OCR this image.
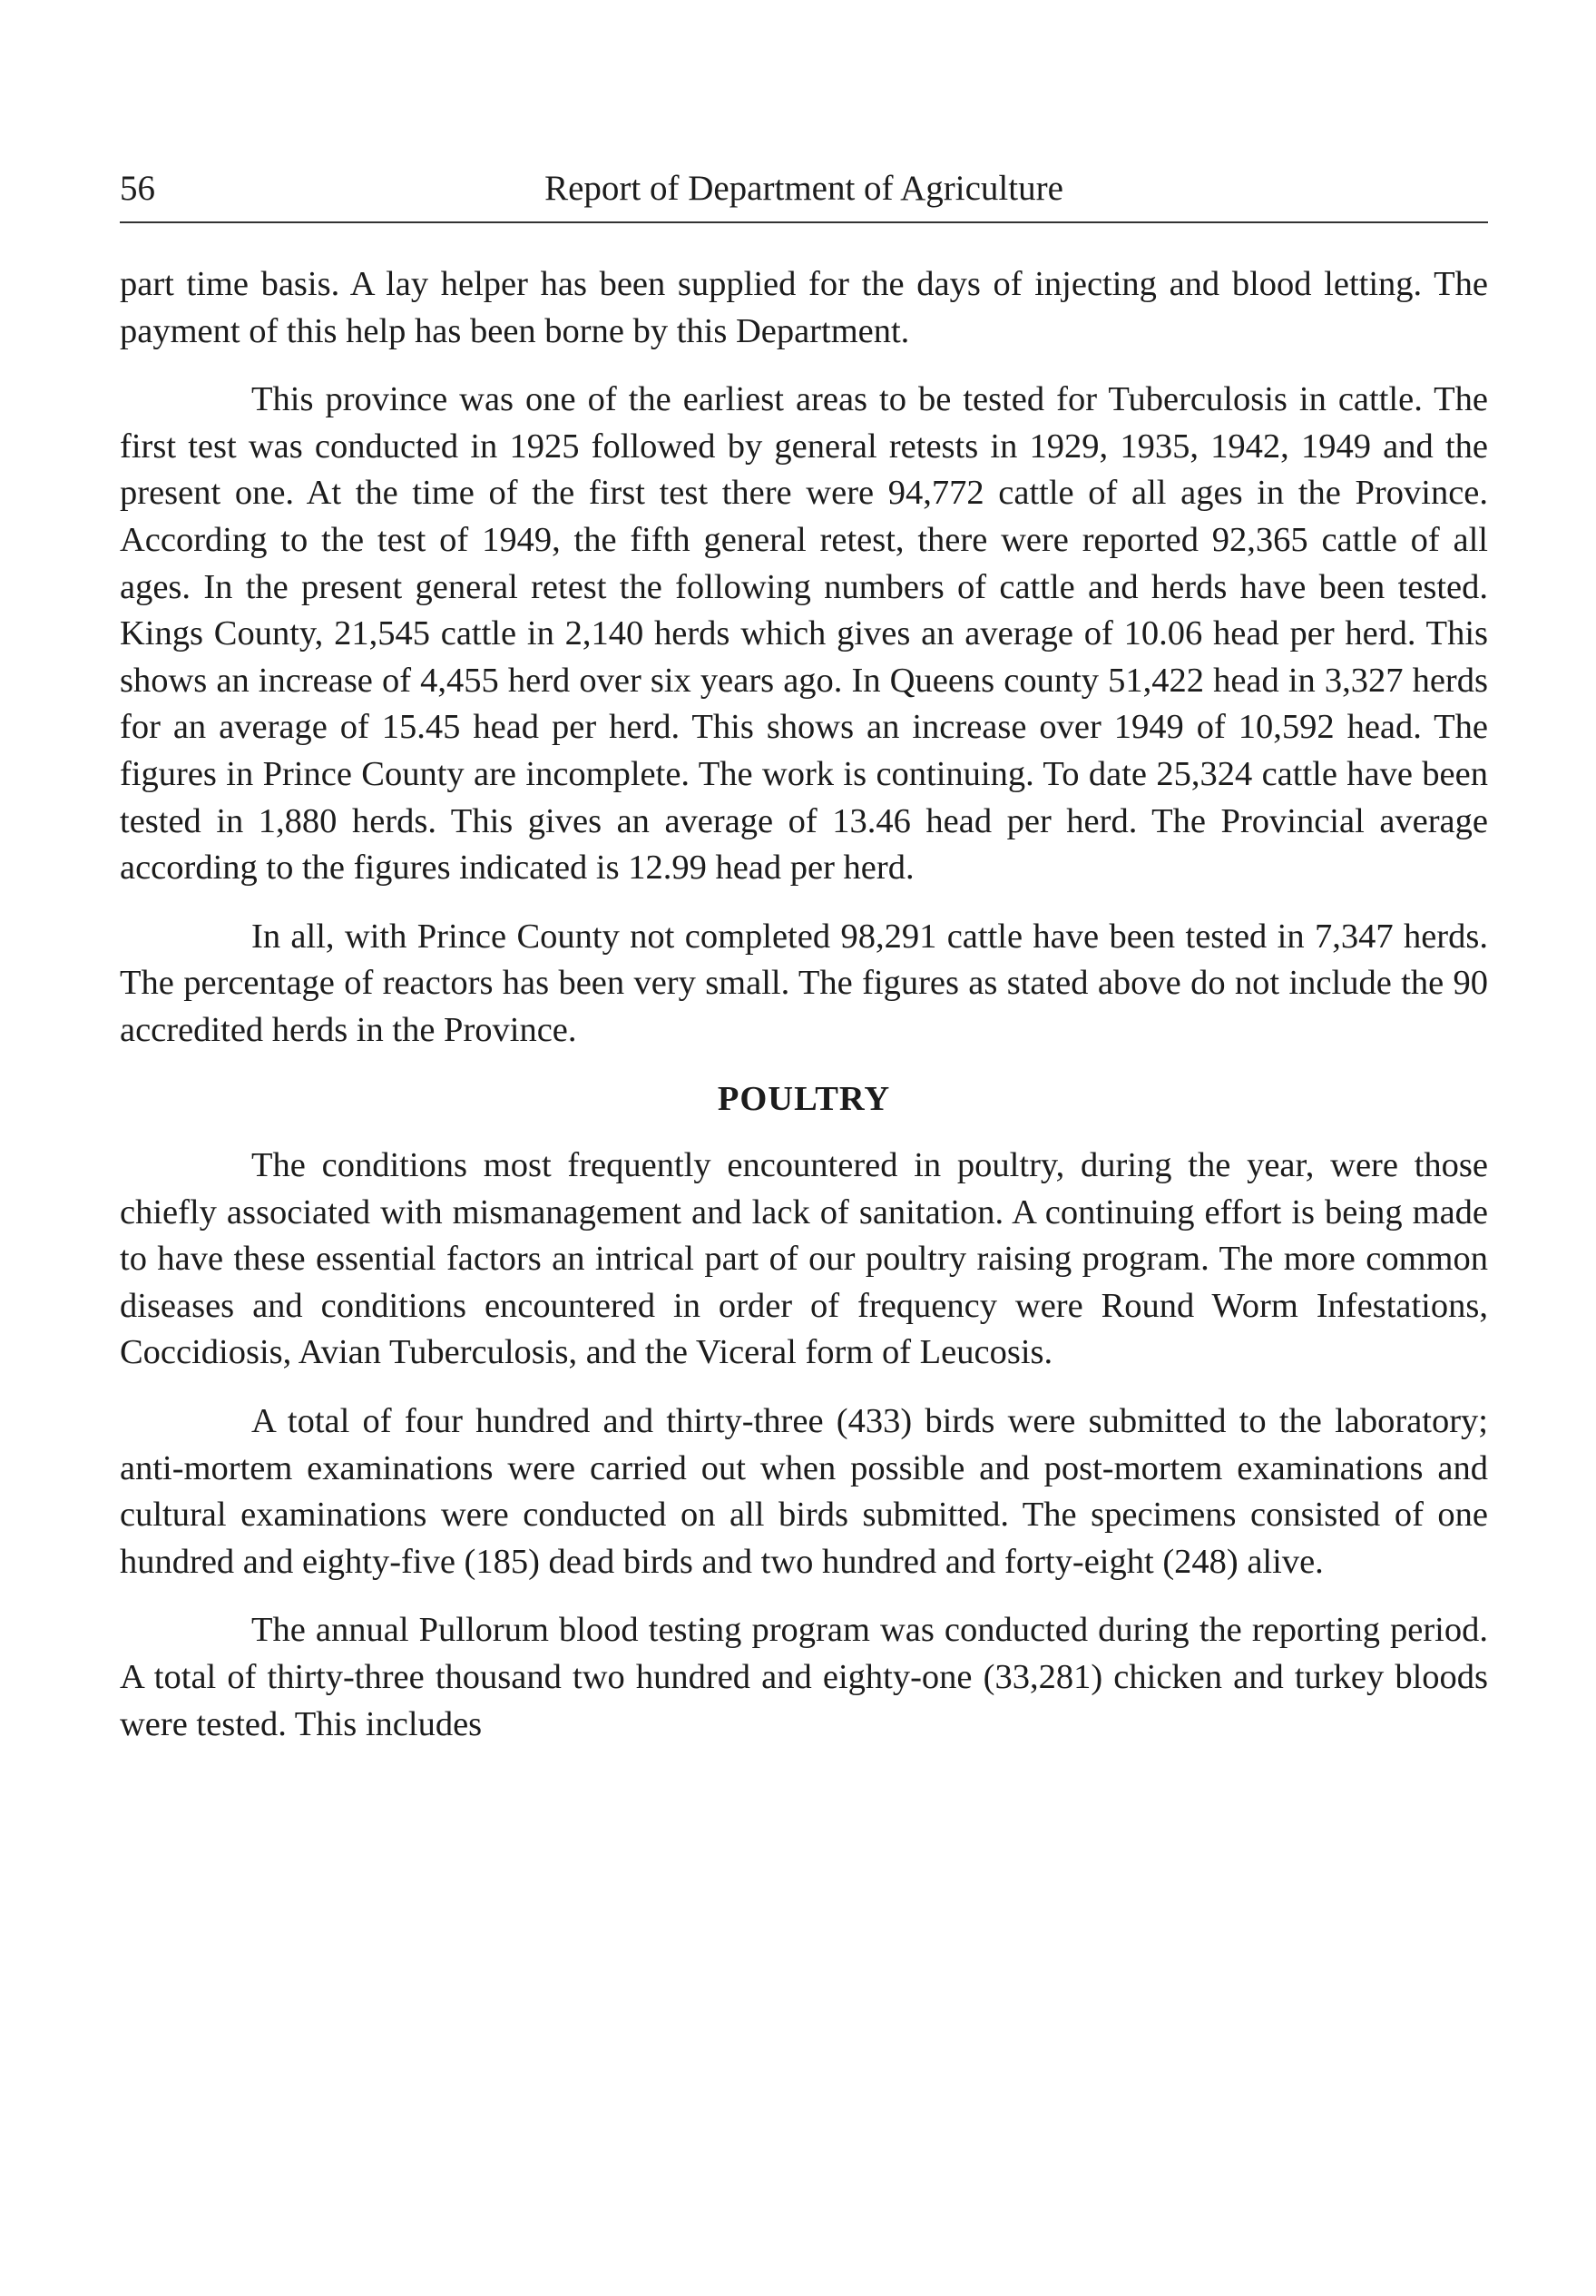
56	Report of Department of Agriculture

part time basis. A lay helper has been supplied for the days of injecting and blood letting. The payment of this help has been borne by this Department.

This province was one of the earliest areas to be tested for Tuberculosis in cattle. The first test was conducted in 1925 followed by general retests in 1929, 1935, 1942, 1949 and the present one. At the time of the first test there were 94,772 cattle of all ages in the Province. According to the test of 1949, the fifth general retest, there were reported 92,365 cattle of all ages. In the present general retest the following numbers of cattle and herds have been tested. Kings County, 21,545 cattle in 2,140 herds which gives an average of 10.06 head per herd. This shows an increase of 4,455 herd over six years ago. In Queens county 51,422 head in 3,327 herds for an average of 15.45 head per herd. This shows an increase over 1949 of 10,592 head. The figures in Prince County are incomplete. The work is continuing. To date 25,324 cattle have been tested in 1,880 herds. This gives an average of 13.46 head per herd. The Provincial average according to the figures indicated is 12.99 head per herd.

In all, with Prince County not completed 98,291 cattle have been tested in 7,347 herds. The percentage of reactors has been very small. The figures as stated above do not include the 90 accredited herds in the Province.

POULTRY

The conditions most frequently encountered in poultry, during the year, were those chiefly associated with mismanagement and lack of sanitation. A continuing effort is being made to have these essential factors an intrical part of our poultry raising program. The more common diseases and conditions encountered in order of frequency were Round Worm Infestations, Coccidiosis, Avian Tuberculosis, and the Viceral form of Leucosis.

A total of four hundred and thirty-three (433) birds were submitted to the laboratory; anti-mortem examinations were carried out when possible and post-mortem examinations and cultural examinations were conducted on all birds submitted. The specimens consisted of one hundred and eighty-five (185) dead birds and two hundred and forty-eight (248) alive.

The annual Pullorum blood testing program was conducted during the reporting period. A total of thirty-three thousand two hundred and eighty-one (33,281) chicken and turkey bloods were tested. This includes
